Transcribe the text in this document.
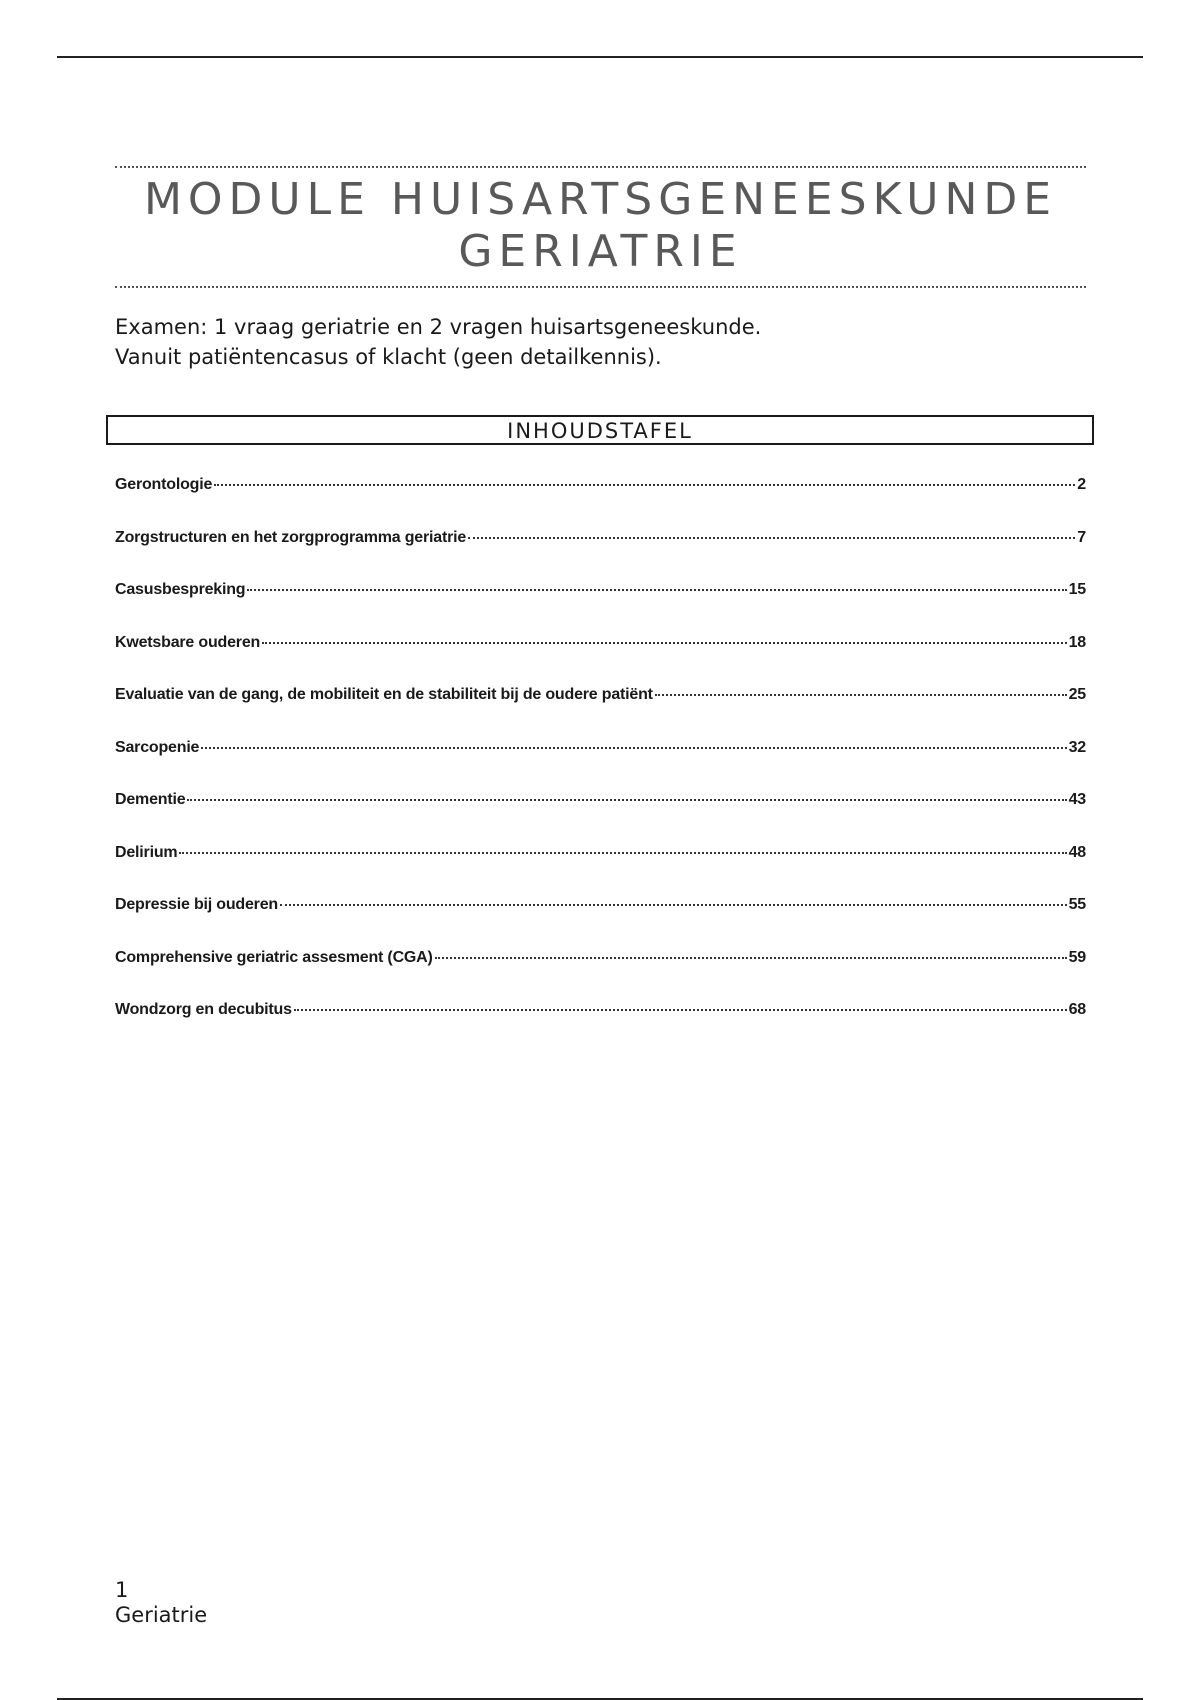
MODULE HUISARTSGENEESKUNDE
GERIATRIE

Examen: 1 vraag geriatrie en 2 vragen huisartsgeneeskunde.

Vanuit patiëntencasus of klacht (geen detailkennis).

INHOUDSTAFEL
Gerontologie	2
Zorgstructuren en het zorgprogramma geriatrie	7
Casusbespreking	15
Kwetsbare ouderen	18
Evaluatie van de gang, de mobiliteit en de stabiliteit bij de oudere patiënt	25
Sarcopenie	32
Dementie	43
Delirium	48
Depressie bij ouderen	55
Comprehensive geriatric assesment (CGA)	59
Wondzorg en decubitus	68
1
Geriatrie
